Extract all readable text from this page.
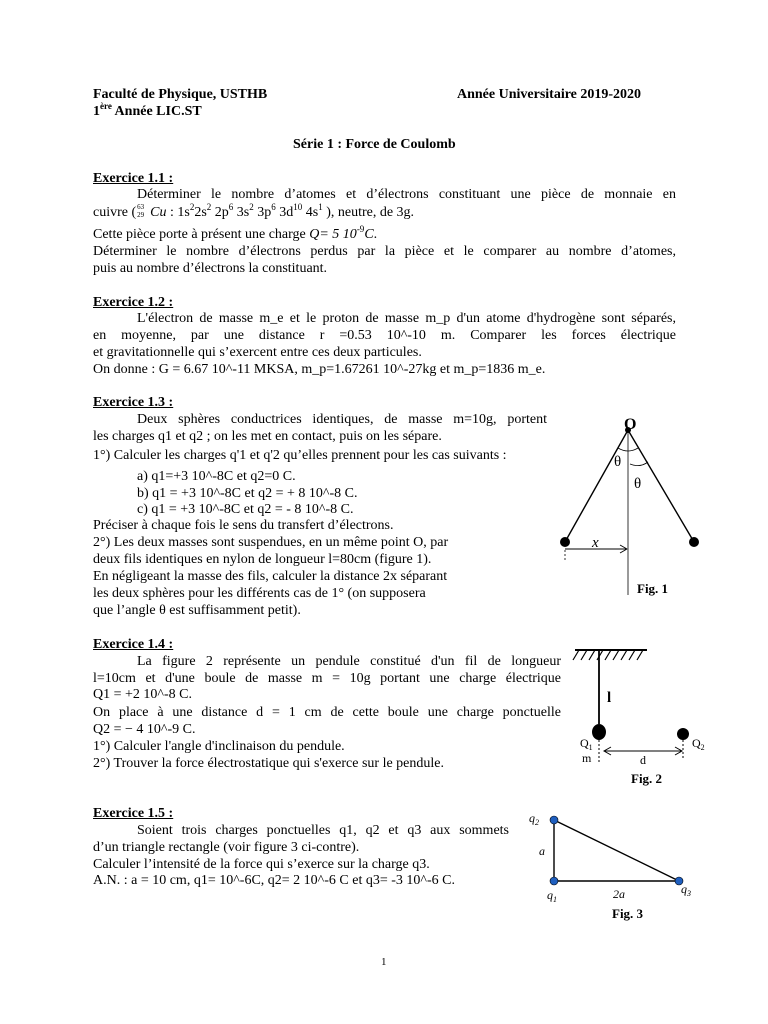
Faculté de Physique, USTHB	Année Universitaire 2019-2020
1ère Année LIC.ST
Série 1 : Force de Coulomb
Exercice 1.1 :
Déterminer le nombre d’atomes et d’électrons constituant une pièce de monnaie en
cuivre ( 63
29 Cu : $1s^22s^2$ $2p^6$ $3s^2$ $3p^6$ $3d^{10}$ $4s^1$ ), neutre, de 3g.
Cette pièce porte à présent une charge Q= 5 $10^{-9}C$.
Déterminer le nombre d’électrons perdus par la pièce et le comparer au nombre d’atomes,
puis au nombre d’électrons la constituant.
Exercice 1.2 :
L'électron de masse m_e et le proton de masse m_p d'un atome d'hydrogène sont séparés,
en moyenne, par une distance r =0.53 10^-10 m. Comparer les forces électrique
et gravitationnelle qui s’exercent entre ces deux particules.
On donne : G = 6.67 10^-11 MKSA, m_p=1.67261 10^-27kg et m_p=1836 m_e.
Exercice 1.3 :
Deux sphères conductrices identiques, de masse m=10g, portent
les charges q1 et q2 ; on les met en contact, puis on les sépare.
1°) Calculer les charges q'1 et q'2 qu’elles prennent pour les cas suivants :
a) q1=+3 10^-8C et q2=0 C.
b) q1 = +3 10^-8C et q2 = + 8 10^-8 C.
c) q1 = +3 10^-8C et q2 = - 8 10^-8 C.
Préciser à chaque fois le sens du transfert d’électrons.
2°) Les deux masses sont suspendues, en un même point O, par
deux fils identiques en nylon de longueur l=80cm (figure 1).
En négligeant la masse des fils, calculer la distance 2x séparant
les deux sphères pour les différents cas de 1° (on supposera
que l’angle θ est suffisamment petit).
O
θ
θ
x
Fig. 1
Exercice 1.4 :
La figure 2 représente un pendule constitué d'un fil de longueur
l=10cm et d'une boule de masse m = 10g portant une charge électrique
Q1 = +2 10^-8 C.
On place à une distance d = 1 cm de cette boule une charge ponctuelle
Q2 = − 4 10^-9 C.
1°) Calculer l'angle d'inclinaison du pendule.
2°) Trouver la force électrostatique qui s'exerce sur le pendule.
l
$Q_1$	$Q_2$
m	d
Fig. 2
Exercice 1.5 :
Soient trois charges ponctuelles q1, q2 et q3 aux sommets
d’un triangle rectangle (voir figure 3 ci-contre).
Calculer l’intensité de la force qui s’exerce sur la charge q3.
A.N. : a = 10 cm, q1= 10^-6C, q2= 2 10^-6 C et q3= -3 10^-6 C.
$q_2$
$q_1$
$q_3$
a
2a
Fig. 3
1
